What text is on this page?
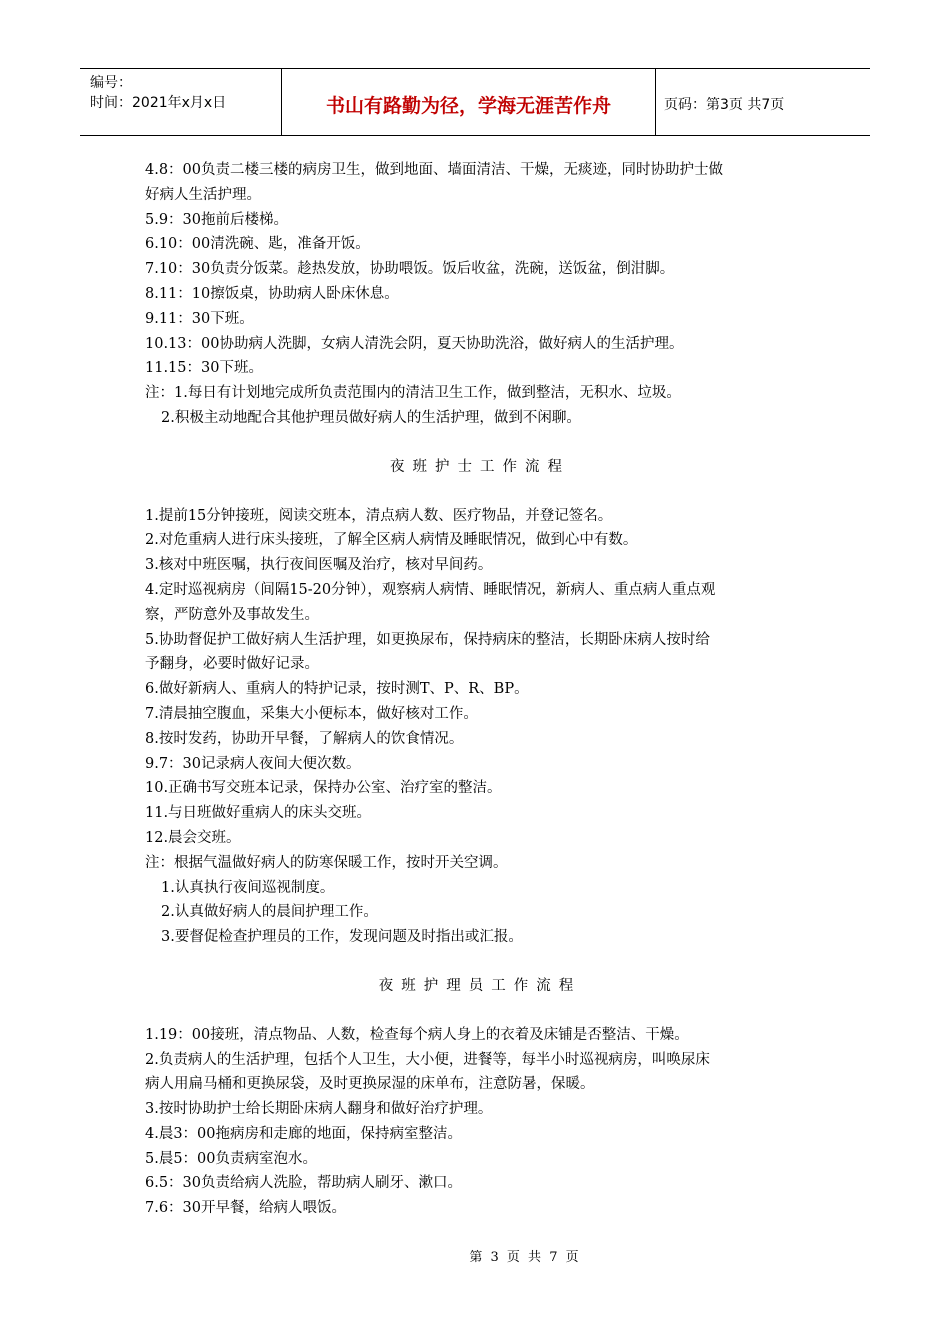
编号：
时间：2021年x月x日	书山有路勤为径，学海无涯苦作舟	页码：第3页 共7页

4.8：00负责二楼三楼的病房卫生，做到地面、墙面清洁、干燥，无痰迹，同时协助护士做

好病人生活护理。

5.9：30拖前后楼梯。

6.10：00清洗碗、匙，准备开饭。

7.10：30负责分饭菜。趁热发放，协助喂饭。饭后收盆，洗碗，送饭盆，倒泔脚。

8.11：10擦饭桌，协助病人卧床休息。

9.11：30下班。

10.13：00协助病人洗脚，女病人清洗会阴，夏天协助洗浴，做好病人的生活护理。

11.15：30下班。

注：1.每日有计划地完成所负责范围内的清洁卫生工作，做到整洁，无积水、垃圾。

2.积极主动地配合其他护理员做好病人的生活护理，做到不闲聊。

夜班护士工作流程

1.提前15分钟接班，阅读交班本，清点病人数、医疗物品，并登记签名。

2.对危重病人进行床头接班，了解全区病人病情及睡眠情况，做到心中有数。

3.核对中班医嘱，执行夜间医嘱及治疗，核对早间药。

4.定时巡视病房（间隔15-20分钟），观察病人病情、睡眠情况，新病人、重点病人重点观

察，严防意外及事故发生。

5.协助督促护工做好病人生活护理，如更换尿布，保持病床的整洁，长期卧床病人按时给

予翻身，必要时做好记录。

6.做好新病人、重病人的特护记录，按时测T、P、R、BP。

7.清晨抽空腹血，采集大小便标本，做好核对工作。

8.按时发药，协助开早餐，了解病人的饮食情况。

9.7：30记录病人夜间大便次数。

10.正确书写交班本记录，保持办公室、治疗室的整洁。

11.与日班做好重病人的床头交班。

12.晨会交班。

注：根据气温做好病人的防寒保暖工作，按时开关空调。

1.认真执行夜间巡视制度。

2.认真做好病人的晨间护理工作。

3.要督促检查护理员的工作，发现问题及时指出或汇报。

夜班护理员工作流程

1.19：00接班，清点物品、人数，检查每个病人身上的衣着及床铺是否整洁、干燥。

2.负责病人的生活护理，包括个人卫生，大小便，进餐等，每半小时巡视病房，叫唤尿床

病人用扁马桶和更换尿袋，及时更换尿湿的床单布，注意防暑，保暖。

3.按时协助护士给长期卧床病人翻身和做好治疗护理。

4.晨3：00拖病房和走廊的地面，保持病室整洁。

5.晨5：00负责病室泡水。

6.5：30负责给病人洗脸，帮助病人刷牙、漱口。

7.6：30开早餐，给病人喂饭。

第 3 页 共 7 页
